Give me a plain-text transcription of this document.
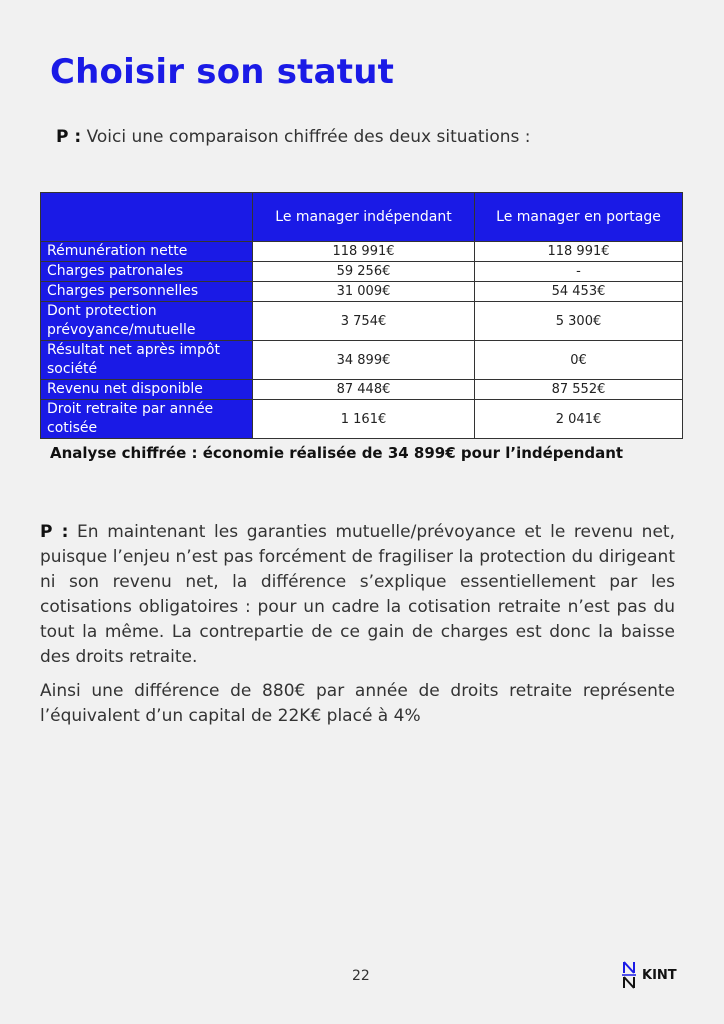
Choisir son statut

P : Voici une comparaison chiffrée des deux situations :

	Le manager indépendant	Le manager en portage
Rémunération nette	118 991€	118 991€
Charges patronales	59 256€	-
Charges personnelles	31 009€	54 453€
Dont protection prévoyance/mutuelle	3 754€	5 300€
Résultat net après impôt société	34 899€	0€
Revenu net disponible	87 448€	87 552€
Droit retraite par année cotisée	1 161€	2 041€

Analyse chiffrée : économie réalisée de 34 899€ pour l’indépendant

P : En maintenant les garanties mutuelle/prévoyance et le revenu net, puisque l’enjeu n’est pas forcément de fragiliser la protection du dirigeant ni son revenu net, la différence s’explique essentiellement par les cotisations obligatoires : pour un cadre la cotisation retraite n’est pas du tout la même. La contrepartie de ce gain de charges est donc la baisse des droits retraite.

Ainsi une différence de 880€ par année de droits retraite représente l’équivalent d’un capital de 22K€ placé à 4%

22	KINT
